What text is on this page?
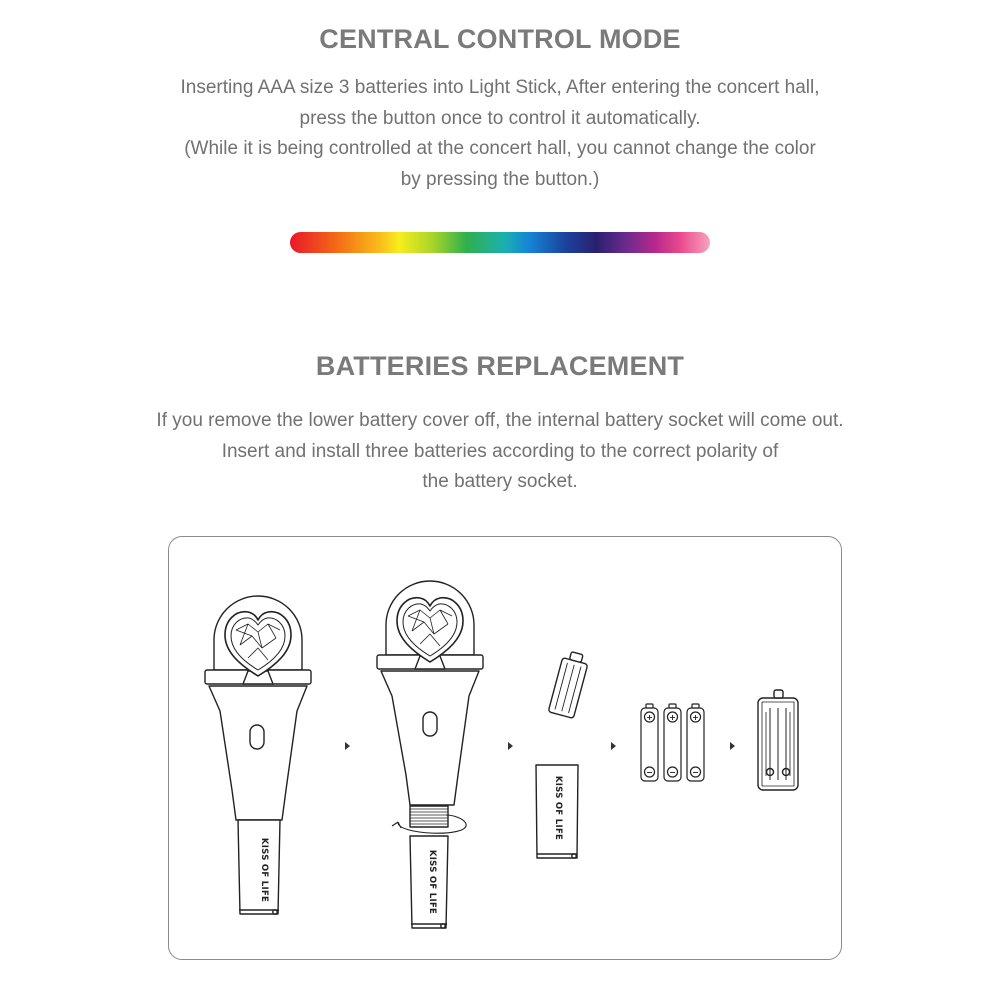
CENTRAL CONTROL MODE
Inserting AAA size 3 batteries into Light Stick, After entering the concert hall,
press the button once to control it automatically.
(While it is being controlled at the concert hall, you cannot change the color
by pressing the button.)
BATTERIES REPLACEMENT
If you remove the lower battery cover off, the internal battery socket will come out.
Insert and install three batteries according to the correct polarity of
the battery socket.
KISS OF LIFE	KISS OF LIFE
KISS OF LIFE
+ + +
− − −
